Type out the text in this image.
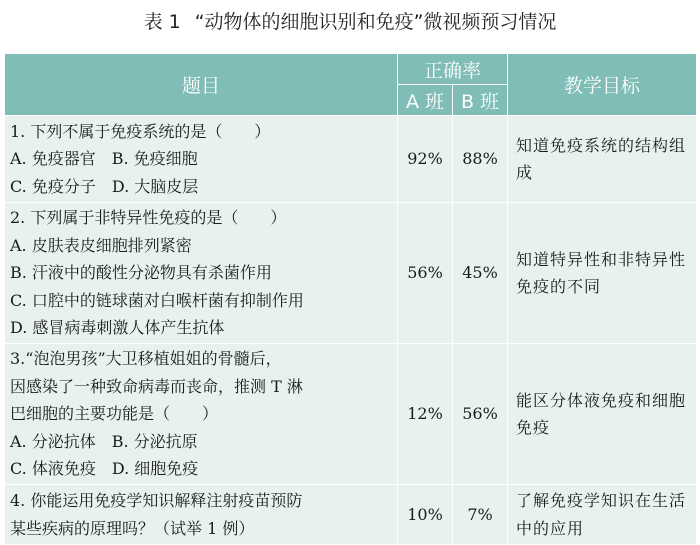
表 1 “动物体的细胞识别和免疫”微视频预习情况
题目	正确率		教学目标
	A 班	B 班	

1. 下列不属于免疫系统的是（　　）
A. 免疫器官　B. 免疫细胞
C. 免疫分子　D. 大脑皮层	92%	88%	知道免疫系统的结构组成

2. 下列属于非特异性免疫的是（　　）
A. 皮肤表皮细胞排列紧密
B. 汗液中的酸性分泌物具有杀菌作用
C. 口腔中的链球菌对白喉杆菌有抑制作用
D. 感冒病毒刺激人体产生抗体	56%	45%	知道特异性和非特异性免疫的不同

3.“泡泡男孩”大卫移植姐姐的骨髓后，
因感染了一种致命病毒而丧命，推测 T 淋
巴细胞的主要功能是（　　）
A. 分泌抗体　B. 分泌抗原
C. 体液免疫　D. 细胞免疫	12%	56%	能区分体液免疫和细胞免疫

4. 你能运用免疫学知识解释注射疫苗预防
某些疾病的原理吗？（试举 1 例）	10%	7%	了解免疫学知识在生活中的应用
